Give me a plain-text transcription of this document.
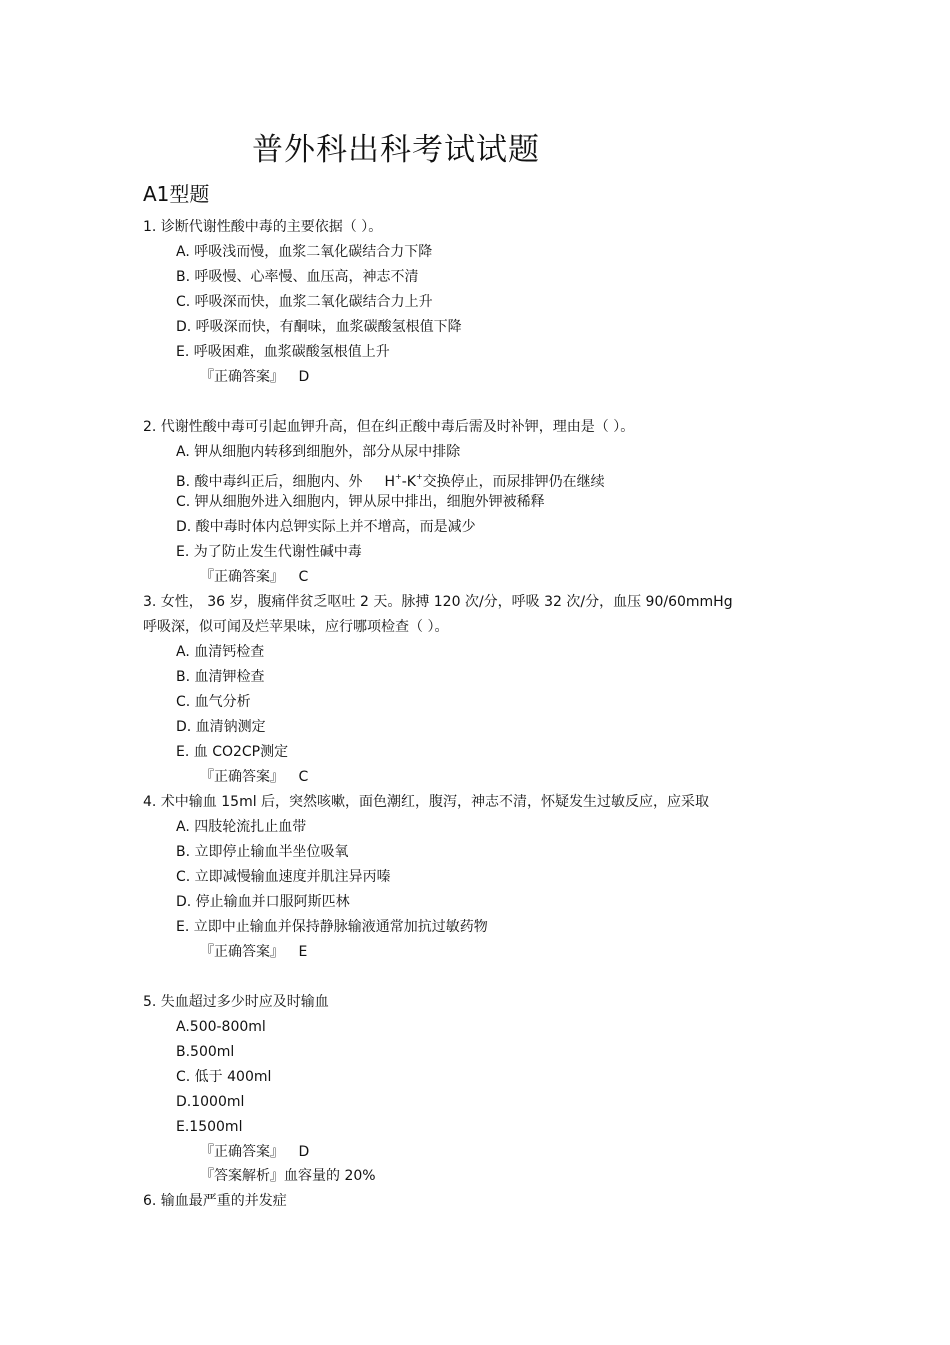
普外科出科考试试题
A1型题
1. 诊断代谢性酸中毒的主要依据（ ）。
A. 呼吸浅而慢，血浆二氧化碳结合力下降
B. 呼吸慢、心率慢、血压高，神志不清
C. 呼吸深而快，血浆二氧化碳结合力上升
D. 呼吸深而快，有酮味，血浆碳酸氢根值下降
E. 呼吸困难，血浆碳酸氢根值上升
『正确答案』 D
2. 代谢性酸中毒可引起血钾升高，但在纠正酸中毒后需及时补钾，理由是（ ）。
A. 钾从细胞内转移到细胞外，部分从尿中排除
B. 酸中毒纠正后，细胞内、外 H+-K+交换停止，而尿排钾仍在继续
C. 钾从细胞外进入细胞内，钾从尿中排出，细胞外钾被稀释
D. 酸中毒时体内总钾实际上并不增高，而是减少
E. 为了防止发生代谢性碱中毒
『正确答案』 C
3. 女性， 36 岁，腹痛伴贫乏呕吐 2 天。脉搏 120 次/分，呼吸 32 次/分，血压 90/60mmHg
呼吸深，似可闻及烂苹果味，应行哪项检查（ ）。
A. 血清钙检查
B. 血清钾检查
C. 血气分析
D. 血清钠测定
E. 血 CO2CP测定
『正确答案』 C
4. 术中输血 15ml 后，突然咳嗽，面色潮红，腹泻，神志不清，怀疑发生过敏反应，应采取
A. 四肢轮流扎止血带
B. 立即停止输血半坐位吸氧
C. 立即减慢输血速度并肌注异丙嗪
D. 停止输血并口服阿斯匹林
E. 立即中止输血并保持静脉输液通常加抗过敏药物
『正确答案』 E
5. 失血超过多少时应及时输血
A.500-800ml
B.500ml
C. 低于 400ml
D.1000ml
E.1500ml
『正确答案』 D
『答案解析』血容量的 20%
6. 输血最严重的并发症
